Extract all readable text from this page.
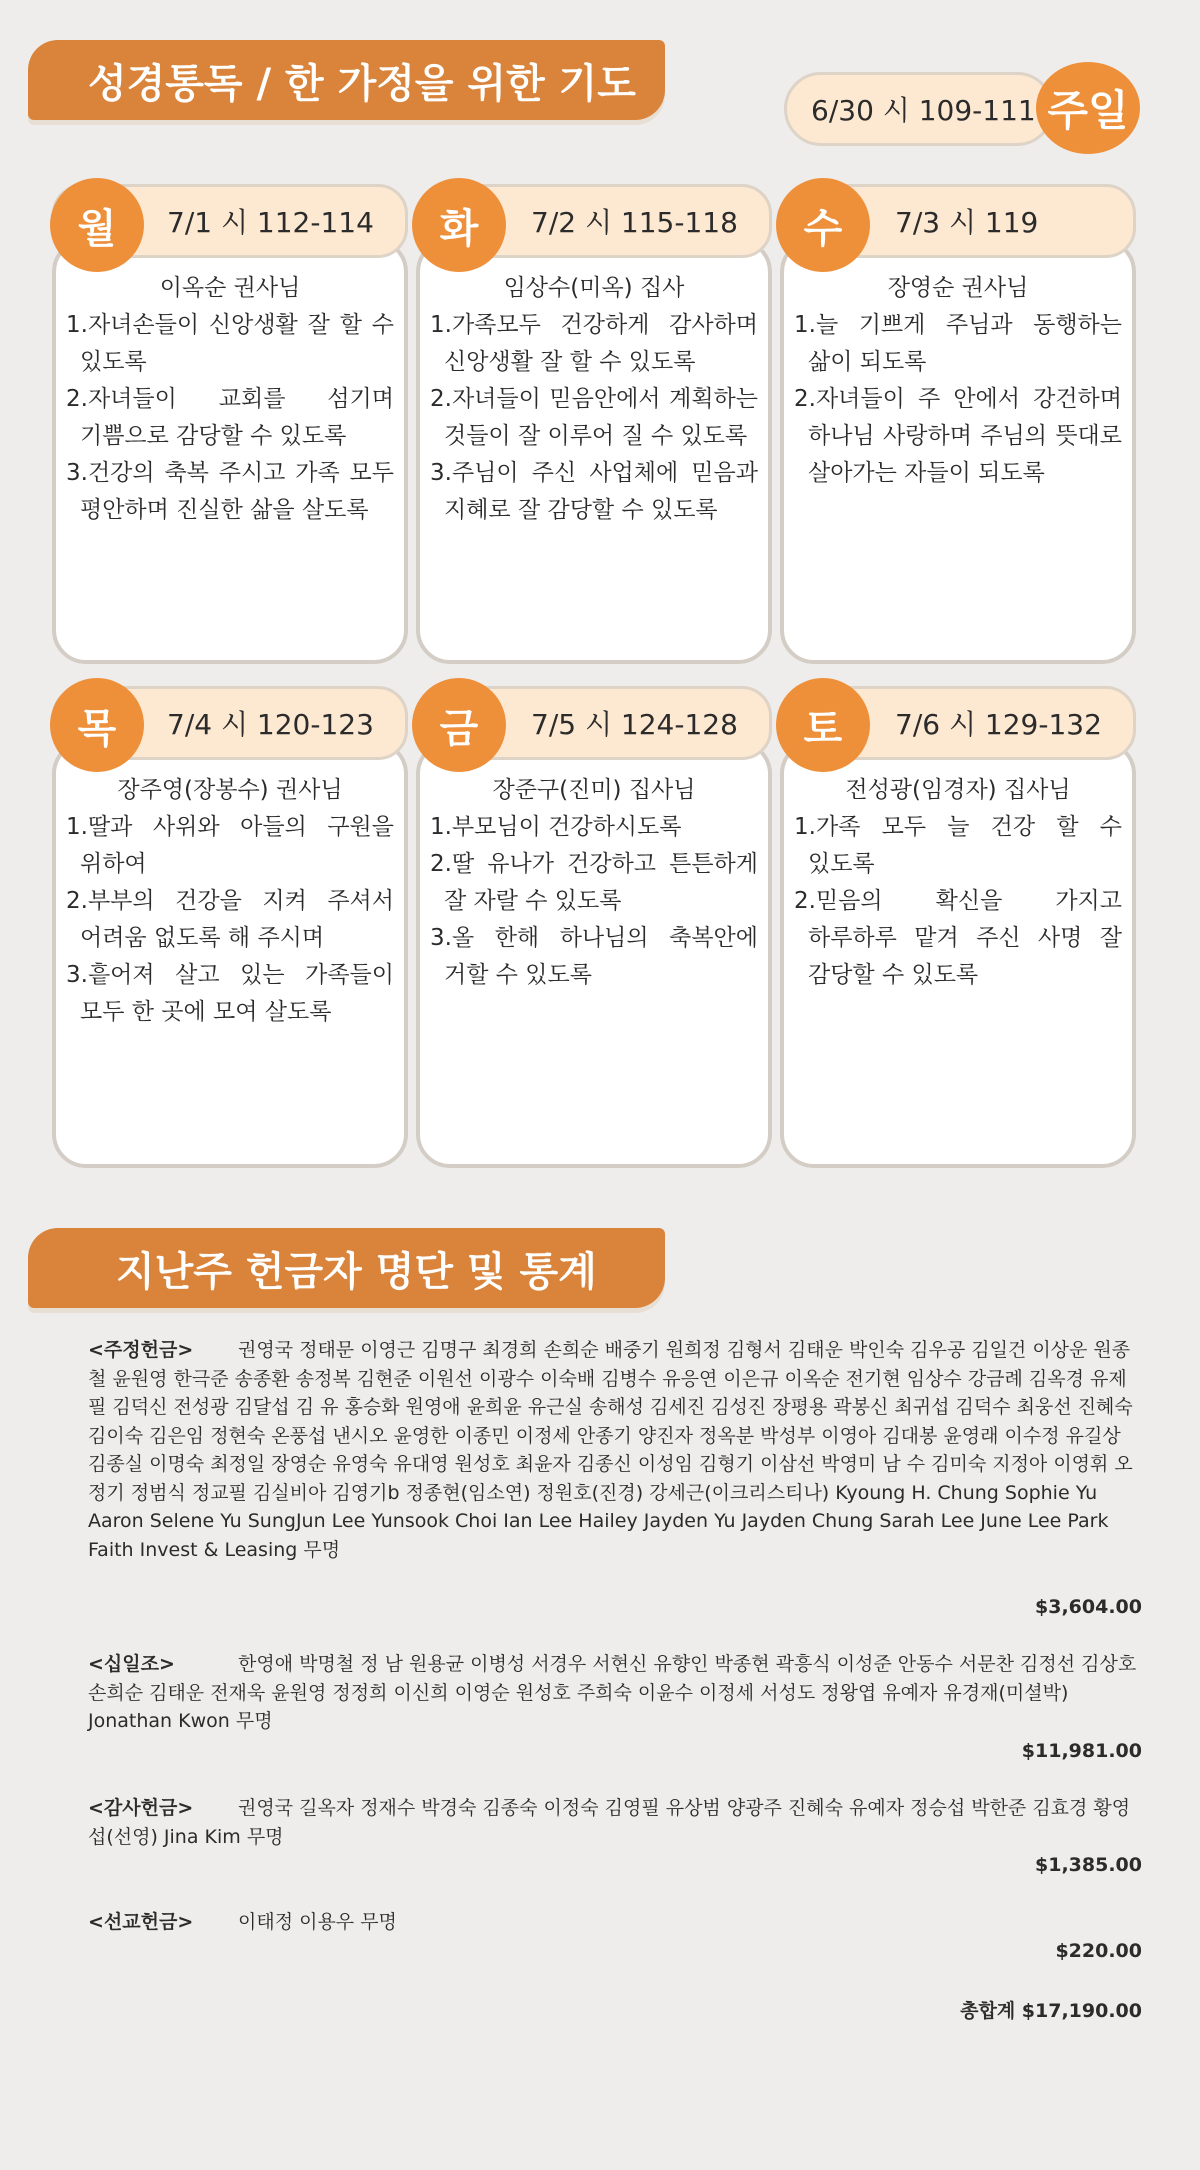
성경통독 / 한 가정을 위한 기도
6/30 시 109-111 주일
7/1 시 112-114
월
이옥순 권사님
1.자녀손들이 신앙생활 잘 할 수 있도록
2.자녀들이 교회를 섬기며 기쁨으로 감당할 수 있도록
3.건강의 축복 주시고 가족 모두 평안하며 진실한 삶을 살도록
7/2 시 115-118
화
임상수(미옥) 집사
1.가족모두 건강하게 감사하며 신앙생활 잘 할 수 있도록
2.자녀들이 믿음안에서 계획하는 것들이 잘 이루어 질 수 있도록
3.주님이 주신 사업체에 믿음과 지혜로 잘 감당할 수 있도록
7/3 시 119
수
장영순 권사님
1.늘 기쁘게 주님과 동행하는 삶이 되도록
2.자녀들이 주 안에서 강건하며 하나님 사랑하며 주님의 뜻대로 살아가는 자들이 되도록
7/4 시 120-123
목
장주영(장봉수) 권사님
1.딸과 사위와 아들의 구원을 위하여
2.부부의 건강을 지켜 주셔서 어려움 없도록 해 주시며
3.흩어져 살고 있는 가족들이 모두 한 곳에 모여 살도록
7/5 시 124-128
금
장준구(진미) 집사님
1.부모님이 건강하시도록
2.딸 유나가 건강하고 튼튼하게 잘 자랄 수 있도록
3.올 한해 하나님의 축복안에 거할 수 있도록
7/6 시 129-132
토
전성광(임경자) 집사님
1.가족 모두 늘 건강 할 수 있도록
2.믿음의 확신을 가지고 하루하루 맡겨 주신 사명 잘 감당할 수 있도록
지난주 헌금자 명단 및 통계
<주정헌금> 권영국 정태문 이영근 김명구 최경희 손희순 배중기 원희정 김형서 김태운 박인숙 김우공 김일건 이상운 원종철 윤원영 한극준 송종환 송정복 김현준 이원선 이광수 이숙배 김병수 유응연 이은규 이옥순 전기현 임상수 강금례 김옥경 유제필 김덕신 전성광 김달섭 김 유 홍승화 원영애 윤희윤 유근실 송해성 김세진 김성진 장평용 곽봉신 최귀섭 김덕수 최웅선 진혜숙 김이숙 김은임 정현숙 온풍섭 낸시오 윤영한 이종민 이정세 안종기 양진자 정옥분 박성부 이영아 김대봉 윤영래 이수정 유길상 김종실 이명숙 최정일 장영순 유영숙 유대영 원성호 최윤자 김종신 이성임 김형기 이삼선 박영미 남 수 김미숙 지정아 이영휘 오정기 정범식 정교필 김실비아 김영기b 정종현(임소연) 정원호(진경) 강세근(이크리스티나) Kyoung H. Chung Sophie Yu Aaron Selene Yu SungJun Lee Yunsook Choi Ian Lee Hailey Jayden Yu Jayden Chung Sarah Lee June Lee Park Faith Invest & Leasing 무명
$3,604.00
<십일조>	한영애 박명철 정 남 원용균 이병성 서경우 서현신 유향인 박종현 곽흥식 이성준 안동수 서문찬 김정선 김상호 손희순 김태운 전재욱 윤원영 정정희 이신희 이영순 원성호 주희숙 이윤수 이정세 서성도 정왕엽 유예자 유경재(미셜박) Jonathan Kwon 무명
$11,981.00
<감사헌금> 권영국 길옥자 정재수 박경숙 김종숙 이정숙 김영필 유상범 양광주 진혜숙 유예자 정승섭 박한준 김효경 황영섭(선영) Jina Kim 무명
$1,385.00
<선교헌금> 이태정 이용우 무명
$220.00
총합계 $17,190.00
